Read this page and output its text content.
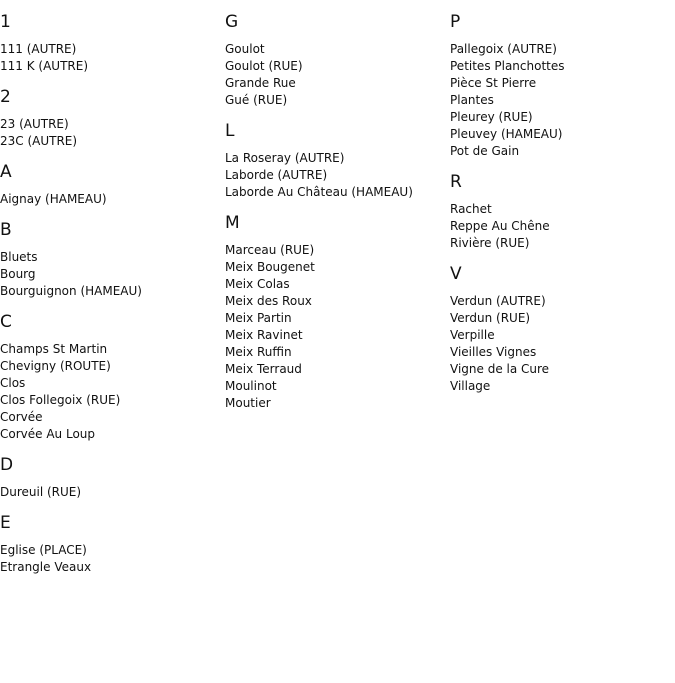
1
111 (AUTRE)
111 K (AUTRE)
2
23 (AUTRE)
23C (AUTRE)
A
Aignay (HAMEAU)
B
Bluets
Bourg
Bourguignon (HAMEAU)
C
Champs St Martin
Chevigny (ROUTE)
Clos
Clos Follegoix (RUE)
Corvée
Corvée Au Loup
D
Dureuil (RUE)
E
Eglise (PLACE)
Etrangle Veaux
G
Goulot
Goulot (RUE)
Grande Rue
Gué (RUE)
L
La Roseray (AUTRE)
Laborde (AUTRE)
Laborde Au Château (HAMEAU)
M
Marceau (RUE)
Meix Bougenet
Meix Colas
Meix des Roux
Meix Partin
Meix Ravinet
Meix Ruffin
Meix Terraud
Moulinot
Moutier
P
Pallegoix (AUTRE)
Petites Planchottes
Pièce St Pierre
Plantes
Pleurey (RUE)
Pleuvey (HAMEAU)
Pot de Gain
R
Rachet
Reppe Au Chêne
Rivière (RUE)
V
Verdun (AUTRE)
Verdun (RUE)
Verpille
Vieilles Vignes
Vigne de la Cure
Village
